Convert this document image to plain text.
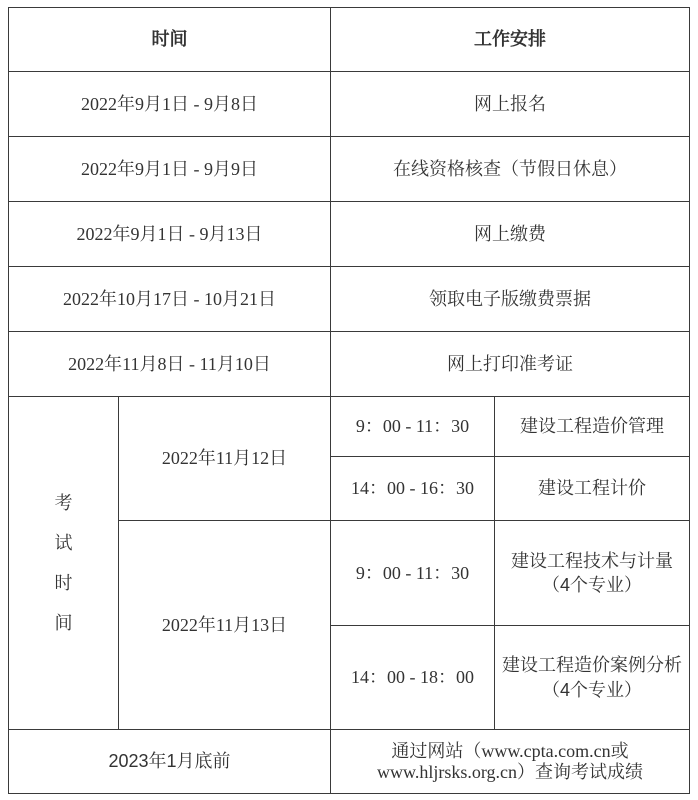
时间		工作安排	
2022年9月1日 - 9月8日		网上报名	
2022年9月1日 - 9月9日		在线资格核查（节假日休息）	
2022年9月1日 - 9月13日		网上缴费	
2022年10月17日 - 10月21日		领取电子版缴费票据	
2022年11月8日 - 11月10日		网上打印准考证	

考
试
时
间	2022年11月12日	9：00 - 11：30	建设工程造价管理
		14：00 - 16：30	建设工程计价
	2022年11月13日	9：00 - 11：30	建设工程技术与计量（4个专业）
		14：00 - 18：00	建设工程造价案例分析（4个专业）
2023年1月底前		通过网站（www.cpta.com.cn或
www.hljrsks.org.cn）查询考试成绩	
